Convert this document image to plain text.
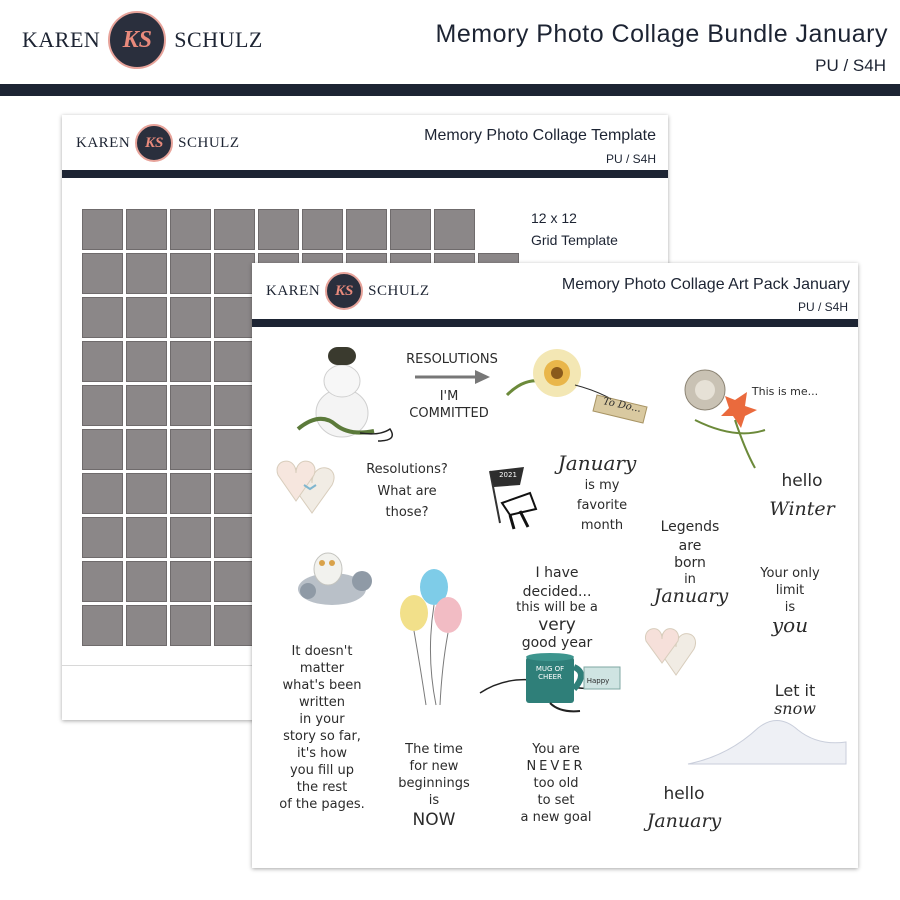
KAREN KS SCHULZ	Memory Photo Collage Bundle January
PU / S4H
KAREN KS SCHULZ	Memory Photo Collage Template
PU / S4H
12 x 12
Grid Template
KAREN KS SCHULZ	Memory Photo Collage Art Pack January
PU / S4H
RESOLUTIONS
I'M
COMMITTED	To Do...
This is me...
Resolutions?
What are
those?
2021	January
is my
favorite
month
hello
Winter
Legends
are
born
in
January
I have
decided...
this will be a
very
good year
Your only
limit
is
you
It doesn't
matter
what's been
written
in your
story so far,
it's how
you fill up
the rest
of the pages.
MUG OF CHEER	Happy	Let it
snow
The time
for new
beginnings
is
NOW
You are
NEVER
too old
to set
a new goal
hello
January
